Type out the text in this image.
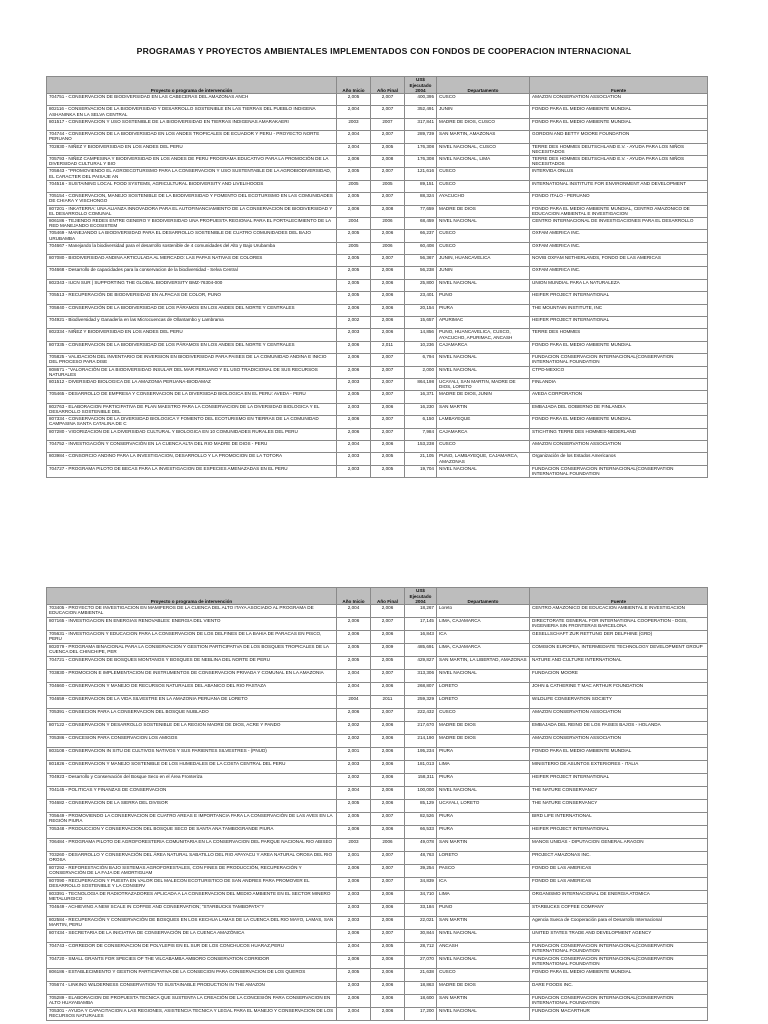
PROGRAMAS Y PROYECTOS AMBIENTALES IMPLEMENTADOS CON FONDOS DE COOPERACION INTERNACIONAL
Proyecto o programa de intervención	Año Inicio	Año Final	US$ Ejecutado 2004	Departamento	Fuente
704751 - CONSERVACION DE BIODIVERSIDAD EN LAS CABECERAS DEL AMAZONAS ANCH	2,005	2,007	400,395	CUSCO	AMAZON CONSERVATION ASSOCIATION
802116 - CONSERVACION DE LA BIODIVERSIDAD Y DESARROLLO SOSTENIBLE EN LAS TIERRAS DEL PUEBLO INDIGENA ASHANINKA EN LA SELVA CENTRAL	2,004	2,007	352,491	JUNIN	FONDO PARA EL MEDIO AMBIENTE MUNDIAL
801517 - CONSERVACION Y USO SOSTENIBLE DE LA BIODIVERSIDAD EN TIERRAS INDIGENAS AMARAKAERI	2003	2007	317,841	MADRE DE DIOS, CUSCO	FONDO PARA EL MEDIO AMBIENTE MUNDIAL
704744 - CONSERVACION DE LA BIODIVERSIDAD EN LOS ANDES TROPICALES DE ECUADOR Y PERU - PROYECTO NORTE PERUANO	2,004	2,007	289,739	SAN MARTIN, AMAZONAS	GORDON AND BETTY MOORE FOUNDATION
702830 - NIÑEZ Y BIODIVERSIDAD EN LOS ANDES DEL PERU	2,004	2,005	176,308	NIVEL NACIONAL, CUSCO	TERRE DES HOMMES DEUTSCHLAND E.V. - AYUDA PARA LOS NIÑOS NECESITADOS
705793 - NIÑEZ CAMPESINA Y BIODIVERSIDAD EN LOS ANDES DE PERU PROGRAMA EDUCATIVO PARA LA PROMOCIÓN DE LA DIVERSIDAD CULTURAL Y BIO	2,006	2,008	176,308	NIVEL NACIONAL, LIMA	TERRE DES HOMMES DEUTSCHLAND E.V. - AYUDA PARA LOS NIÑOS NECESITADOS
705843 - "PROMOVIENDO EL AGROECOTURISMO PARA LA CONSERVACION Y USO SUSTENTABLE DE LA AGROBIODIVERSIDAD, EL CARACTER DEL PAISAJE AN	2,005	2,007	121,616	CUSCO	INTERVIDA ONLUS
704516 - SUSTAINING LOCAL FOOD SYSTEMS, AGRICULTURAL BIODIVERSITY AND LIVELIHOODS	2005	2005	89,151	CUSCO	INTERNATIONAL INSTITUTE FOR ENVIRONMENT AND DEVELOPMENT
705154 - CONSERVACION, MANEJO SOSTENIBLE DE LA BIODIVERSIDAD Y FOMENTO DEL ECOTURISMO EN LAS COMUNIDADES DE CHIARA Y VISCHONGO	2,005	2,007	88,324	AYACUCHO	FONDO ITALO - PERUANO
807201 - INKATERRA: UNA ALIANZA INNOVADORA PARA EL AUTOFINANCIAMIENTO DE LA CONSERVACION DE BIODIVERSIDAD Y EL DESARROLLO COMUNAL	2,006	2,008	77,659	MADRE DE DIOS	FONDO PARA EL MEDIO AMBIENTE MUNDIAL, CENTRO AMAZONICO DE EDUCACION AMBIENTAL E INVESTIGACION
806186 - TEJIENDO REDES ENTRE GENERO Y BIODIVERSIDAD UNA PROPUESTA REGIONAL PARA EL FORTALECIMIENTO DE LA RED MANEJANDO ECOSISTEM	2004	2006	68,459	NIVEL NACIONAL	CENTRO INTERNACIONAL DE INVESTIGACIONES PARA EL DESARROLLO
705469 - MANEJANDO LA BIODIVERSIDAD PARA EL DESARROLLO SOSTENIBLE DE CUATRO COMUNIDADES DEL BAJO URUBAMBA	2,005	2,006	66,237	CUSCO	OXFAM AMERICA INC.
704667 - Manejando la biodiversidad para el desarrollo sostenible de 4 comunidades del Alto y Bajo Urubamba	2005	2006	60,408	CUSCO	OXFAM AMERICA INC.
807080 - BIODIVERSIDAD ANDINA ARTICULADA AL MERCADO: LAS PAPAS NATIVAS DE COLORES	2,005	2,007	56,367	JUNIN, HUANCAVELICA	NOVIB OXFAM NETHERLANDS, FONDO DE LAS AMERICAS
704668 - Desarrollo de capacidades para la conservacion de la biodiversidad - Selva Central	2,005	2,006	56,238	JUNIN	OXFAM AMERICA INC.
802343 - IUCN SUR | SUPPORTING THE GLOBAL BIODIVERSITY BMZ-76304-000	2,005	2,006	25,800	NIVEL NACIONAL	UNION MUNDIAL PARA LA NATURALEZA
705513 - RECUPERACIÓN DE BIODIVERSIDAD EN ALPACAS DE COLOR, PUNO	2,005	2,006	23,401	PUNO	HEIFER PROJECT INTERNATIONAL
705840 - CONSERVACIÓN DE LA BIODIVERSIDAD DE LOS PÁRAMOS EN LOS ANDES DEL NORTE Y CENTRALES	2,006	2,006	20,154	PIURA	THE MOUNTAIN INSTITUTE, INC
704921 - Biodiversidad y Ganadería en las Microcuencas de Ollantambo y Lambrama	2,002	2,006	15,657	APURIMAC	HEIFER PROJECT INTERNATIONAL
802334 - NIÑEZ Y BIODIVERSIDAD EN LOS ANDES DEL PERU	2,003	2,006	14,856	PUNO, HUANCAVELICA, CUSCO, AYACUCHO, APURIMAC, ANCASH	TERRE DES HOMMES
807335 - CONSERVACION DE LA BIODIVERSIDAD DE LOS PÁRAMOS EN LOS ANDES DEL NORTE Y CENTRALES	2,006	2,011	10,236	CAJAMARCA	FONDO PARA EL MEDIO AMBIENTE MUNDIAL
705825 - VALIDACION DEL INVENTARIO DE INVERSION EN BIODIVERSIDAD PARA PAISES DE LA COMUNIDAD ANDINA E INICIO DEL PROCESO PARA DISE	2,006	2,007	6,794	NIVEL NACIONAL	FUNDACION CONSERVACION INTERNACIONAL(CONSERVATION INTERNATIONAL FOUNDATION
808671 - "VALORACIÓN DE LA BIODIVERSIDAD INSULAR DEL MAR PERUANO Y EL USO TRADICIONAL DE SUS RECURSOS NATURALES	2,006	2,007	2,000	NIVEL NACIONAL	CTPD-MEXICO
801512 - DIVERSIDAD BIOLOGICA DE LA AMAZONIA PERUANA-BIODAMAZ	2,003	2,007	864,198	UCAYALI, SAN MARTIN, MADRE DE DIOS, LORETO	FINLANDIA
705465 - DESARROLLO DE EMPRESA Y CONSERVACION DE LA DIVERSIDAD BIOLOGICA EN EL PERU: AVEDA - PERU	2,005	2,007	16,371	MADRE DE DIOS, JUNIN	AVEDA CORPORATION
802763 - ELABORACION PARTICIPATIVA DE PLAN MAESTRO PARA LA CONSERVACION DE LA DIVERSIDAD BIOLOGICA Y EL DESARROLLO SOSTENIBLE DEL	2,003	2,006	16,230	SAN MARTIN	EMBAJADA DEL GOBIERNO DE FINLANDIA
807334 - CONSERVACION DE LA DIVERSIDAD BIOLOGICA Y FOMENTO DEL ECOTURISMO EN TIERRAS DE LA COMUNIDAD CAMPASINA SANTA CATALINA DE C	2,006	2,007	6,150	LAMBAYEQUE	FONDO PARA EL MEDIO AMBIENTE MUNDIAL
807280 - VIGORIZACION DE LA DIVERSIDAD CULTURAL Y BIOLOGICA EN 10 COMUNIDADES RURALES DEL PERU	2,006	2,007	7,984	CAJAMARCA	STICHTING TERRE DES HOMMES-NEDERLAND
704752 - INVESTIGACIÓN Y CONSERVACIÓN EN LA CUENCA ALTA DEL RIO MADRE DE DIOS - PERU	2,004	2,006	153,238	CUSCO	AMAZON CONSERVATION ASSOCIATION
803984 - CONSORCIO ANDINO PARA LA INVESTIGACION, DESARROLLO Y LA PROMOCION DE LA TOTORA	2,003	2,005	21,105	PUNO, LAMBAYEQUE, CAJAMARCA, AMAZONAS	Organización de los Estados Americanos
704727 - PROGRAMA PILOTO DE BECAS PARA LA INVESTIGACION DE ESPECIES AMENAZADAS EN EL PERU	2,003	2,005	19,704	NIVEL NACIONAL	FUNDACION CONSERVACION INTERNACIONAL(CONSERVATION INTERNATIONAL FOUNDATION
Proyecto o programa de intervención	Año Inicio	Año Final	US$ Ejecutado 2004	Departamento	Fuente
703405 - PROYECTO DE INVESTIGACION EN MAMIFEROS DE LA CUENCA DEL ALTO ITAYA ASOCIADO AL PROGRAMA DE EDUCACION AMBIENTAL	2,004	2,006	18,267	Loreto	CENTRO AMAZONICO DE EDUCACION AMBIENTAL E INVESTIGACION
807165 - INVESTIGACION EN ENERGIAS RENOVABLES: ENERGIA DEL VIENTO	2,006	2,007	17,145	LIMA, CAJAMARCA	DIRECTORATE GENERAL FOR INTERNATIONAL COOPERATION - DGIS, INGENIERIA SIN FRONTERAS BARCELONA
705631 - INVESTIGACION Y EDUCACION PARA LA CONSERVACION DE LOS DELFINES DE LA BAHIA DE PARACAS EN PISCO, PERU	2,006	2,006	16,843	ICA	GESELLSCHAFT ZUR RETTUNG DER DELPHINE (GRD)
802079 - PROGRAMA BINACIONAL PARA LA CONSERVACION Y GESTION PARTICIPATIVA DE LOS BOSQUES TROPICALES DE LA CUENCA DEL CHINCHIPE, PER	2,005	2,009	485,691	LIMA, CAJAMARCA	COMISION EUROPEA, INTERMEDIATE TECHNOLOGY DEVELOPMENT GROUP
704721 - CONSERVACION DE BOSQUES MONTANOS Y BOSQUES DE NEBLINA DEL NORTE DE PERU	2,005	2,005	429,827	SAN MARTIN, LA LIBERTAD, AMAZONAS	NATURE AND CULTURE INTERNATIONAL
703830 - PROMOCION E IMPLEMENTACION DE INSTRUMENTOS DE CONSERVACION PRIVADA Y COMUNAL EN LA AMAZONIA	2,004	2,007	313,306	NIVEL NACIONAL	FUNDACION MOORE
704660 - CONSERVACION Y MANEJO DE RECURSOS NATURALES DEL ABANICO DEL RIO PASTAZA	2,004	2,006	268,807	LORETO	JOHN & CATHERINE T MAC ARTHUR FOUNDATION
704659 - CONSERVACION DE LA VIDA SILVESTRE EN LA AMAZONIA PERUANA DE LORETO	2004	2011	259,329	LORETO	WILDLIFE CONSERVATION SOCIETY
705391 - CONSECION PARA LA CONSERVACION DEL BOSQUE NUBLADO	2,006	2,007	222,432	CUSCO	AMAZON CONSERVATION ASSOCIATION
807122 - CONSERVACION Y DESARROLLO SOSTENIBLE DE LA REGION MADRE DE DIOS, ACRE Y PANDO	2,002	2,006	217,670	MADRE DE DIOS	EMBAJADA DEL REINO DE LOS PAISES BAJOS - HOLANDA
705386 - CONCESION PARA CONSERVACION LOS AMIGOS	2,002	2,006	214,190	MADRE DE DIOS	AMAZON CONSERVATION ASSOCIATION
803108 - CONSERVACION IN SITU DE CULTIVOS NATIVOS Y SUS PARIENTES SILVESTRES - (PNUD)	2,001	2,006	195,234	PIURA	FONDO PARA EL MEDIO AMBIENTE MUNDIAL
801826 - CONSERVACION Y MANEJO SOSTENIBLE DE LOS HUMEDALES DE LA COSTA CENTRAL DEL PERU	2,003	2,006	181,013	LIMA	MINISTERIO DE ASUNTOS EXTERIORES - ITALIA
704923 - Desarrollo y Conservación del Bosque Seco en el Área Fronteriza	2,002	2,006	158,311	PIURA	HEIFER PROJECT INTERNATIONAL
704145 - POLITICAS Y FINANZAS DE CONSERVACION	2,004	2,006	100,000	NIVEL NACIONAL	THE NATURE CONSERVANCY
704682 - CONSERVACION DE LA SIERRA DEL DIVISOR	2,005	2,006	85,129	UCAYALI, LORETO	THE NATURE CONSERVANCY
705649 - PROMOVIENDO LA CONSERVACION DE CUATRO AREAS E IMPORTANCIA PARA LA CONSERVACIÓN DE LAS AVES EN LA REGIÓN PIURA	2,005	2,007	82,526	PIURA	BIRD LIFE INTERNATIONAL
705348 - PRODUCCION Y CONSERVACION DEL BOSQUE SECO DE SANTA ANA TAMBOGRANDE PIURA	2,006	2,006	66,533	PIURA	HEIFER PROJECT INTERNATIONAL
706484 - PROGRAMA PILOTO DE AGROFORESTERIA COMUNITARIA EN LA CONSERVACION DEL PARQUE NACIONAL RIO ABISEO	2003	2006	49,078	SAN MARTIN	MANOS UNIDAS - DIPUTACION GENERAL ARAGON
703260 - DESARROLLO Y CONSERVACIÓN DEL ÁREA NATURAL SABATILLO DEL RIO APAYACU Y AREA NATURAL OROSA DEL RIO OROSA	2,001	2,007	48,763	LORETO	PROJECT AMAZONAS INC.
807292 - REFORESTACIÓN BAJO SISTEMAS AGROFORESTALES, CON FINES DE PRODUCCIÓN, RECUPERACIÓN Y CONSERVACIÓN DE LA FAJA DE AMORTIGUAM	2,006	2,007	39,254	PASCO	FONDO DE LAS AMERICAS
807090 - RECUPERACION Y PUESTA EN VALOR DEL MALECON ECOTURISTICO DE SAN ANDRES PARA PROMOVER EL DESARROLLO SOSTENIBLE Y LA CONSERV	2,006	2,007	34,839	ICA	FONDO DE LAS AMERICAS
803391 - TECNOLOGIA DE RADIOTRAZADORES APLICADA A LA CONSERVACION DEL MEDIO AMBIENTE EN EL SECTOR MINERO METALURGICO	2,003	2,006	34,710	LIMA	ORGANISMO INTERNACIONAL DE ENERGIA ATOMICA
704649 - ACHIEVING A NEW SCALE IN COFFEE AND CONSERVATION; "STARBUCKS TAMBOPATA"?	2,003	2,006	33,184	PUNO	STARBUCKS COFFEE COMPANY
802584 - RECUPERACIÓN Y CONSERVACIÓN DE BOSQUES EN LOS KECHUA LAMAS DE LA CUENCA DEL RIO MAYO, LAMAS, SAN MARTIN, PERU	2,003	2,006	22,021	SAN MARTIN	Agencia Sueca de Cooperación para el Desarrollo Internacional
807434 - SECRETARIA DE LA INICIATIVA DE CONSERVACIÓN DE LA CUENCA AMAZÓNICA	2,006	2,007	30,844	NIVEL NACIONAL	UNITED STATES TRADE AND DEVELOPMENT AGENCY
704743 - CORREDOR DE CONSERVACION DE POLYLEPIS EN EL SUR DE LOS CONCHUCOS HUARAZ,PERU	2,004	2,005	28,712	ANCASH	FUNDACION CONSERVACION INTERNACIONAL(CONSERVATION INTERNATIONAL FOUNDATION
704720 - SMALL GRANTS FOR SPECIES OF THE VILCABAMBA AMBORO CONSERVATION CORRIDOR	2,006	2,006	27,070	NIVEL NACIONAL	FUNDACION CONSERVACION INTERNACIONAL(CONSERVATION INTERNATIONAL FOUNDATION
806186 - ESTABLECIMIENTO Y GESTION PARTICIPATIVA DE LA CONSECION PARA CONSERVACION DE LOS QUEROS	2,005	2,006	21,638	CUSCO	FONDO PARA EL MEDIO AMBIENTE MUNDIAL
705674 - LINKING WILDERNESS CONSERVATION TO SUSTAINABLE PRODUCTION IN THE AMAZON	2,003	2,006	18,863	MADRE DE DIOS	DARE FOODS INC.
705289 - ELABORACION DE PROPUESTA TECNICA QUE SUSTENTA LA CREACIÓN DE LA CONCESIÓN PARA CONSERVACION EN ALTO HUAYABAMBA	2,006	2,006	18,600	SAN MARTIN	FUNDACION CONSERVACION INTERNACIONAL(CONSERVATION INTERNATIONAL FOUNDATION
705301 - AYUDA Y CAPACITACION A LAS REGIONES, ASISTENCIA TECNICA Y LEGAL PARA EL MANEJO Y CONSERVACION DE LOS RECURSOS NATURALES	2,004	2,006	17,200	NIVEL NACIONAL	FUNDACION MACARTHUR
